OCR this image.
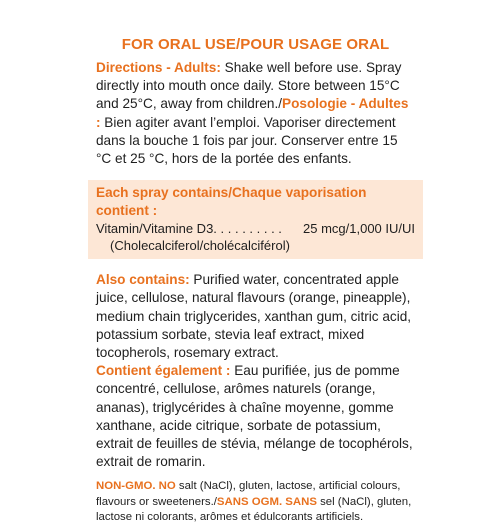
FOR ORAL USE/POUR USAGE ORAL

Directions - Adults: Shake well before use. Spray directly into mouth once daily. Store between 15°C and 25°C, away from children./Posologie - Adultes : Bien agiter avant l’emploi. Vaporiser directement dans la bouche 1 fois par jour. Conserver entre 15 °C et 25 °C, hors de la portée des enfants.

Each spray contains/Chaque vaporisation contient :
Vitamin/Vitamine D3. . . . . . . . . . 25 mcg/1,000 IU/UI
(Cholecalciferol/cholécalciférol)

Also contains: Purified water, concentrated apple juice, cellulose, natural flavours (orange, pineapple), medium chain triglycerides, xanthan gum, citric acid, potassium sorbate, stevia leaf extract, mixed tocopherols, rosemary extract.

Contient également : Eau purifiée, jus de pomme concentré, cellulose, arômes naturels (orange, ananas), triglycérides à chaîne moyenne, gomme xanthane, acide citrique, sorbate de potassium, extrait de feuilles de stévia, mélange de tocophérols, extrait de romarin.

NON-GMO. NO salt (NaCl), gluten, lactose, artificial colours, flavours or sweeteners./SANS OGM. SANS sel (NaCl), gluten, lactose ni colorants, arômes et édulcorants artificiels.
